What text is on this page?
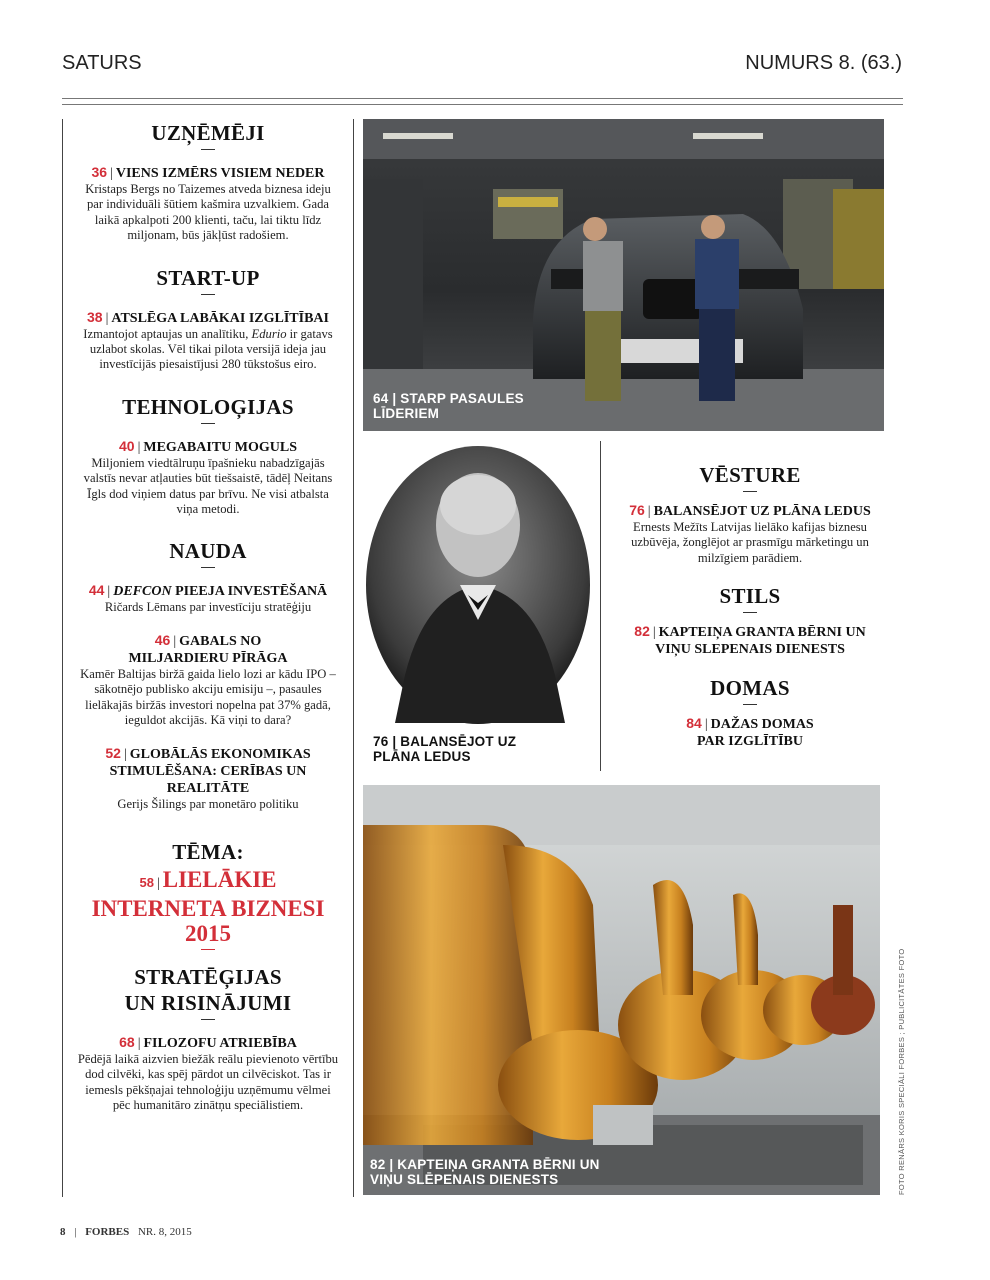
SATURS	NUMURS 8. (63.)
UZŅĒMĒJI
36 | VIENS IZMĒRS VISIEM NEDER
Kristaps Bergs no Taizemes atveda biznesa ideju par individuāli šūtiem kašmira uzvalkiem. Gada laikā apkalpoti 200 klienti, taču, lai tiktu līdz miljonam, būs jākļūst radošiem.
START-UP
38 | ATSLĒGA LABĀKAI IZGLĪTĪBAI
Izmantojot aptaujas un analītiku, Edurio ir gatavs uzlabot skolas. Vēl tikai pilota versijā ideja jau investīcijās piesaistījusi 280 tūkstošus eiro.
TEHNOLOĢIJAS
40 | MEGABAITU MOGULS
Miljoniem viedtālruņu īpašnieku nabadzīgajās valstīs nevar atļauties būt tiešsaistē, tādēļ Neitans Īgls dod viņiem datus par brīvu. Ne visi atbalsta viņa metodi.
NAUDA
44 | DEFCON PIEEJA INVESTĒŠANĀ
Ričards Lēmans par investīciju stratēģiju
46 | GABALS NO MILJARDIERU PĪRĀGA
Kamēr Baltijas biržā gaida lielo lozi ar kādu IPO – sākotnējo publisko akciju emisiju –, pasaules lielākajās biržās investori nopelna pat 37% gadā, ieguldot akcijās. Kā viņi to dara?
52 | GLOBĀLĀS EKONOMIKAS STIMULĒŠANA: CERĪBAS UN REALITĀTE
Gerijs Šilings par monetāro politiku
TĒMA:
58 | LIELĀKIE INTERNETA BIZNESI 2015
STRATĒĢIJAS UN RISINĀJUMI
68 | FILOZOFU ATRIEBĪBA
Pēdējā laikā aizvien biežāk reālu pievienoto vērtību dod cilvēki, kas spēj pārdot un cilvēciskot. Tas ir iemesls pēkšņajai tehnoloģiju uzņēmumu vēlmei pēc humanitāro zinātņu speciālistiem.
64 | STARP PASAULES LĪDERIEM
76 | BALANSĒJOT UZ PLĀNA LEDUS
VĒSTURE
76 | BALANSĒJOT UZ PLĀNA LEDUS
Ernests Mežīts Latvijas lielāko kafijas biznesu uzbūvēja, žonglējot ar prasmīgu mārketingu un milzīgiem parādiem.
STILS
82 | KAPTEIŅA GRANTA BĒRNI UN VIŅU SLEPENAIS DIENESTS
DOMAS
84 | DAŽAS DOMAS PAR IZGLĪTĪBU
82 | KAPTEIŅA GRANTA BĒRNI UN VIŅU SLĒPENAIS DIENESTS
8 | FORBES NR. 8, 2015
FOTO RENĀRS KORIS SPECIĀLI FORBES ; PUBLICITĀTES FOTO
